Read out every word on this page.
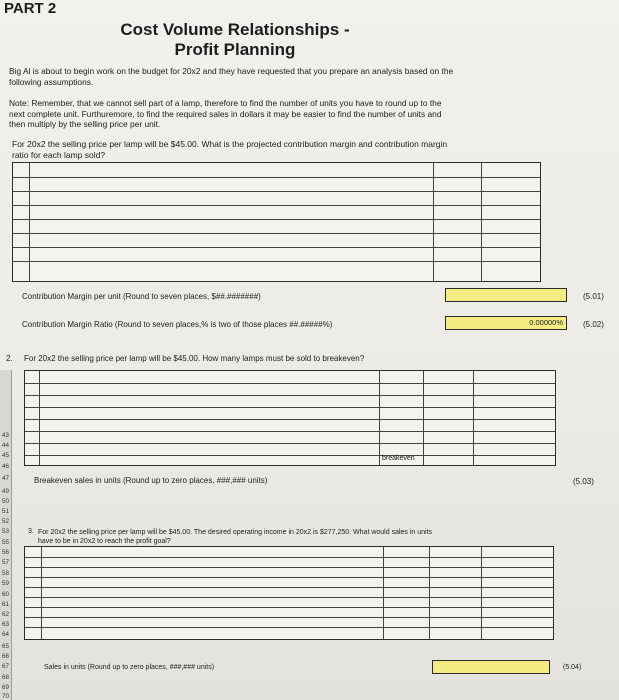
PART 2
Cost Volume Relationships -
Profit Planning
Big Al is about to begin work on the budget for 20x2 and they have requested that you prepare an analysis based on the following assumptions.
Note: Remember, that we cannot sell part of a lamp, therefore to find the number of units you have to round up to the next complete unit. Furthuremore, to find the required sales in dollars it may be easier to find the number of units and then multiply by the selling price per unit.
For 20x2 the selling price per lamp will be $45.00. What is the projected contribution margin and contribution margin ratio for each lamp sold?
Contribution Margin per unit (Round to seven places, $##.#######)	(5.01)
Contribution Margin Ratio (Round to seven places,% is two of those places ##.#####%)	0.00000%	(5.02)
2. For 20x2 the selling price per lamp will be $45.00. How many lamps must be sold to breakeven?
breakeven
Breakeven sales in units (Round up to zero places, ###,### units)	(5.03)
43
44
45
46
47
49
50
51
52
53
55
56
57
58
59
60
61
62
63
64
65
66
67
68
69
70
3. For 20x2 the selling price per lamp will be $45.00. The desired operating income in 20x2 is $277,250. What would sales in units have to be in 20x2 to reach the profit goal?
Sales in units (Round up to zero places, ###,### units)	(5.04)
